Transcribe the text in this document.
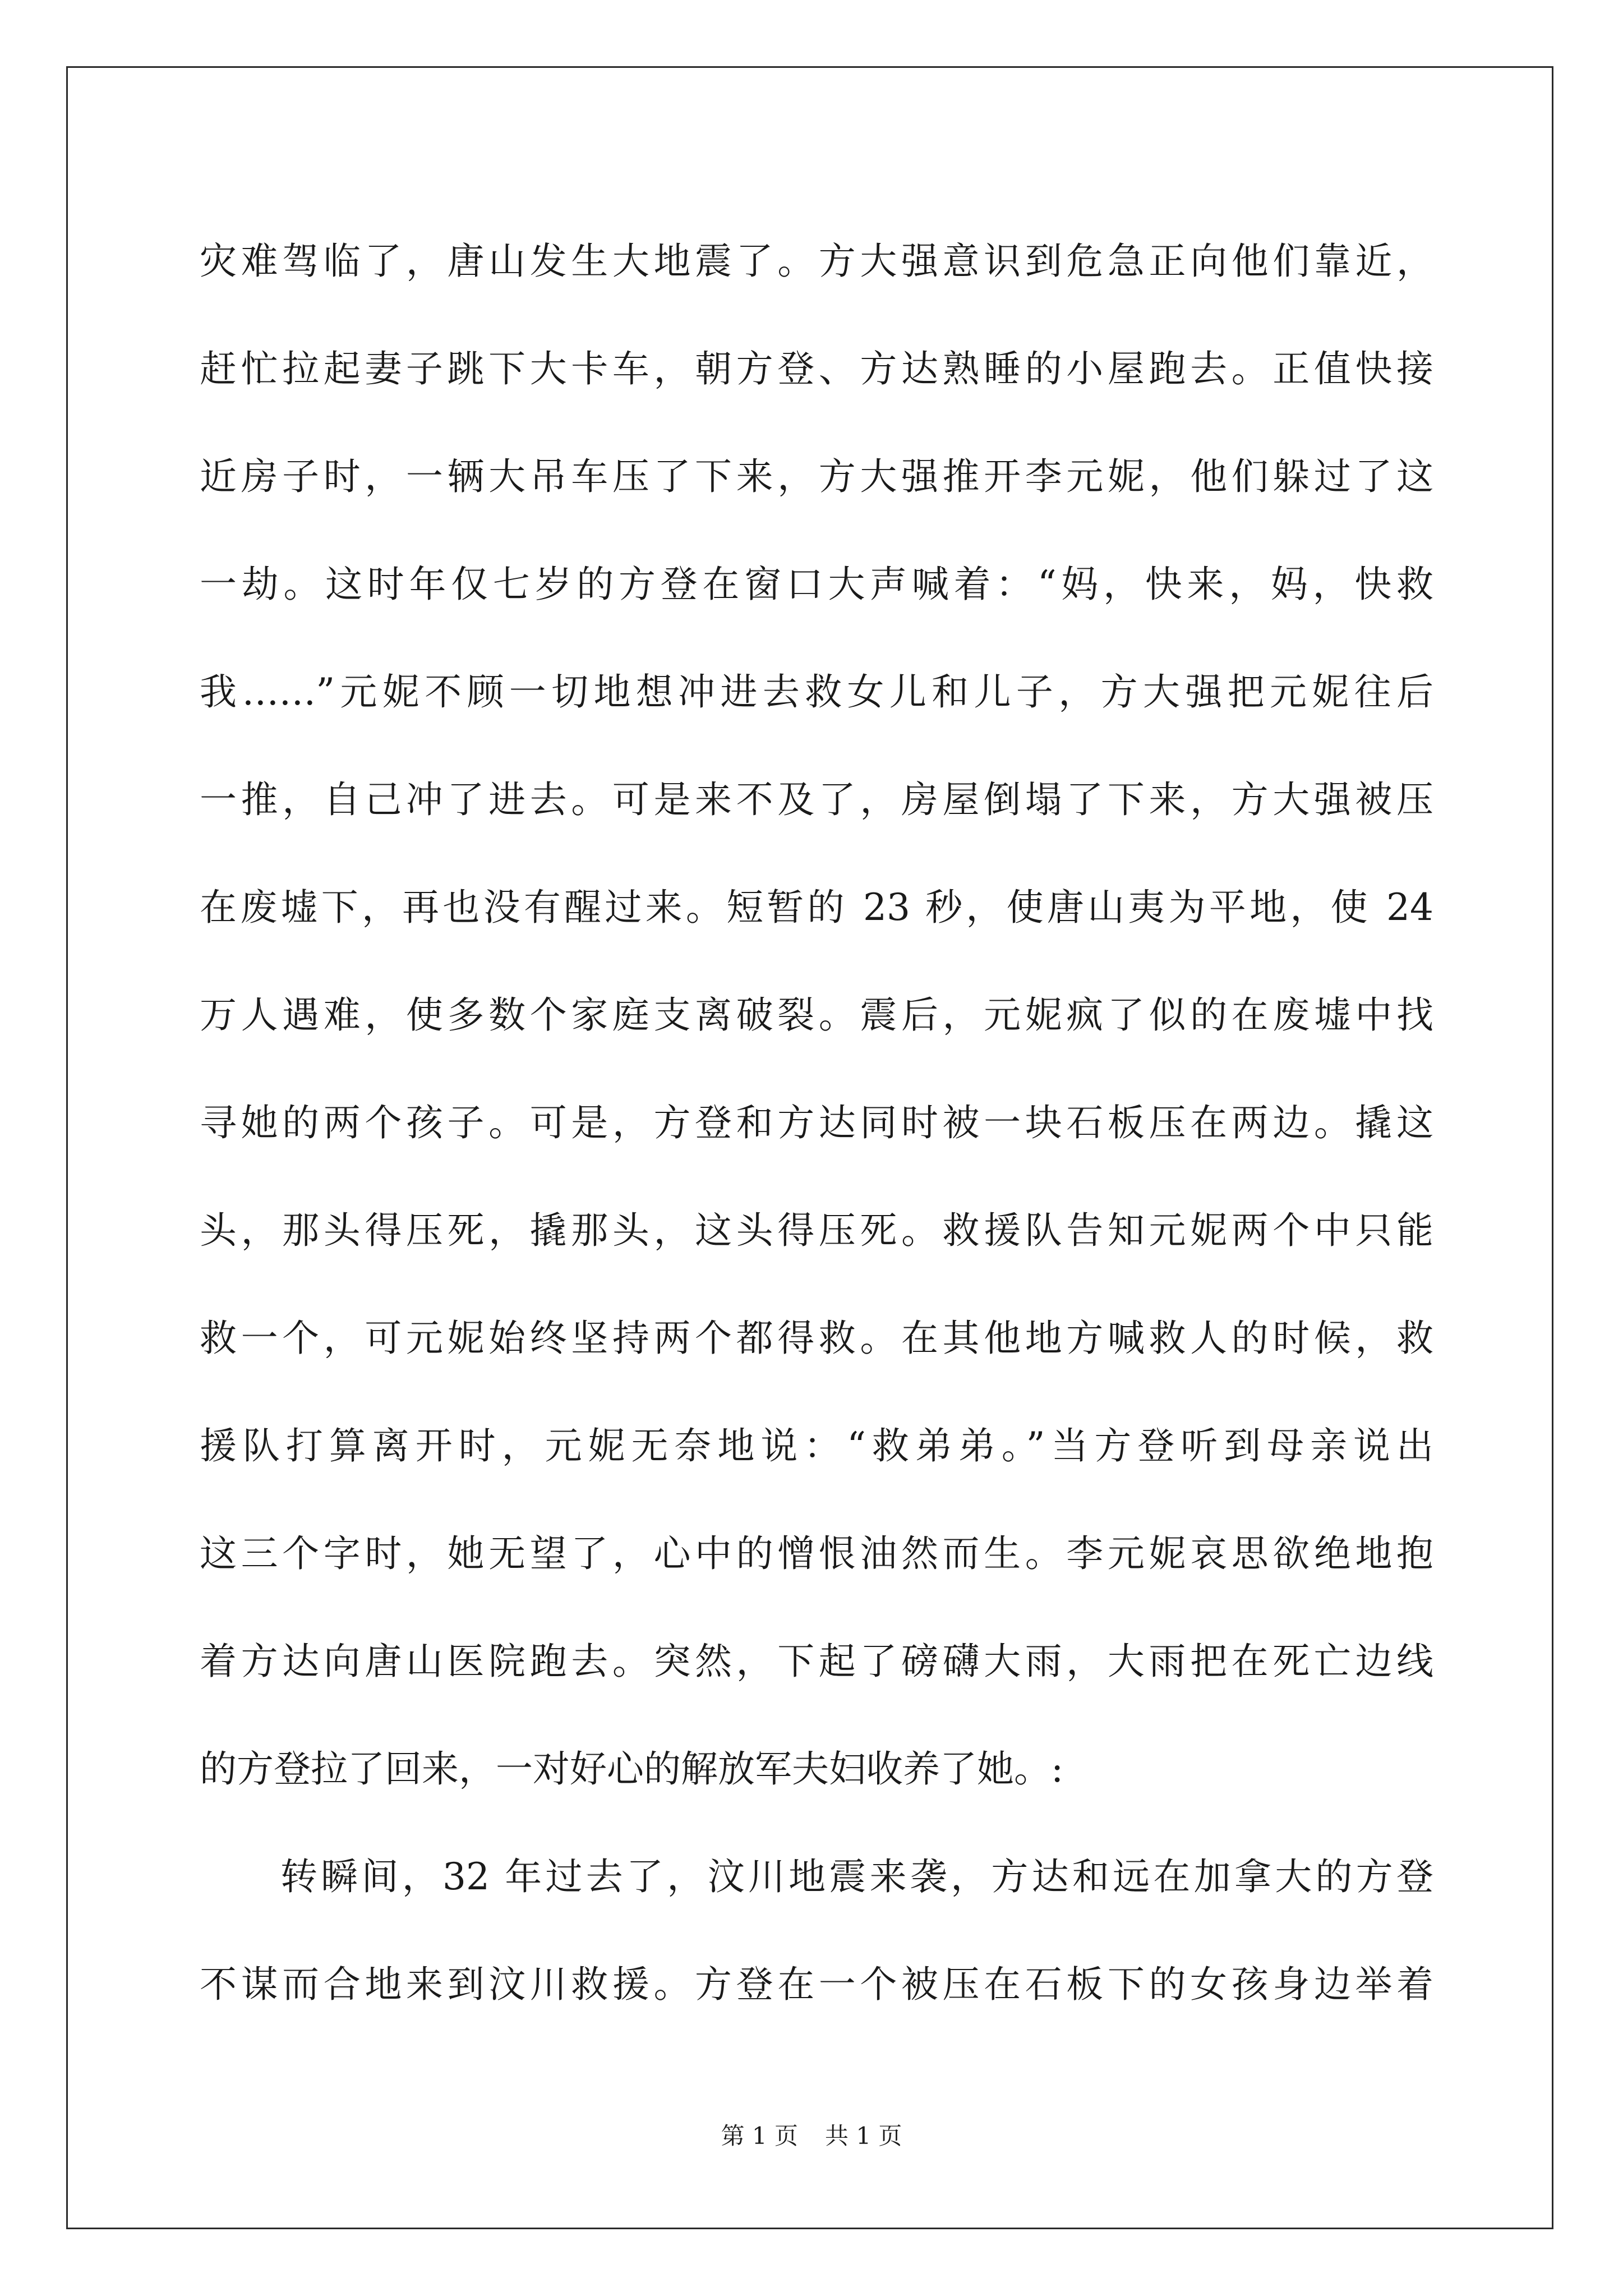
灾难驾临了，唐山发生大地震了。方大强意识到危急正向他们靠近，
赶忙拉起妻子跳下大卡车，朝方登、方达熟睡的小屋跑去。正值快接
近房子时，一辆大吊车压了下来，方大强推开李元妮，他们躲过了这
一劫。这时年仅七岁的方登在窗口大声喊着：“妈，快来，妈，快救
我……”元妮不顾一切地想冲进去救女儿和儿子，方大强把元妮往后
一推，自己冲了进去。可是来不及了，房屋倒塌了下来，方大强被压
在废墟下，再也没有醒过来。短暂的 23 秒，使唐山夷为平地，使 24
万人遇难，使多数个家庭支离破裂。震后，元妮疯了似的在废墟中找
寻她的两个孩子。可是，方登和方达同时被一块石板压在两边。撬这
头，那头得压死，撬那头，这头得压死。救援队告知元妮两个中只能
救一个，可元妮始终坚持两个都得救。在其他地方喊救人的时候，救
援队打算离开时，元妮无奈地说：“救弟弟。”当方登听到母亲说出
这三个字时，她无望了，心中的憎恨油然而生。李元妮哀思欲绝地抱
着方达向唐山医院跑去。突然，下起了磅礴大雨，大雨把在死亡边线
的方登拉了回来，一对好心的解放军夫妇收养了她。:
转瞬间，32 年过去了，汶川地震来袭，方达和远在加拿大的方登
不谋而合地来到汶川救援。方登在一个被压在石板下的女孩身边举着
第 1 页 共 1 页
